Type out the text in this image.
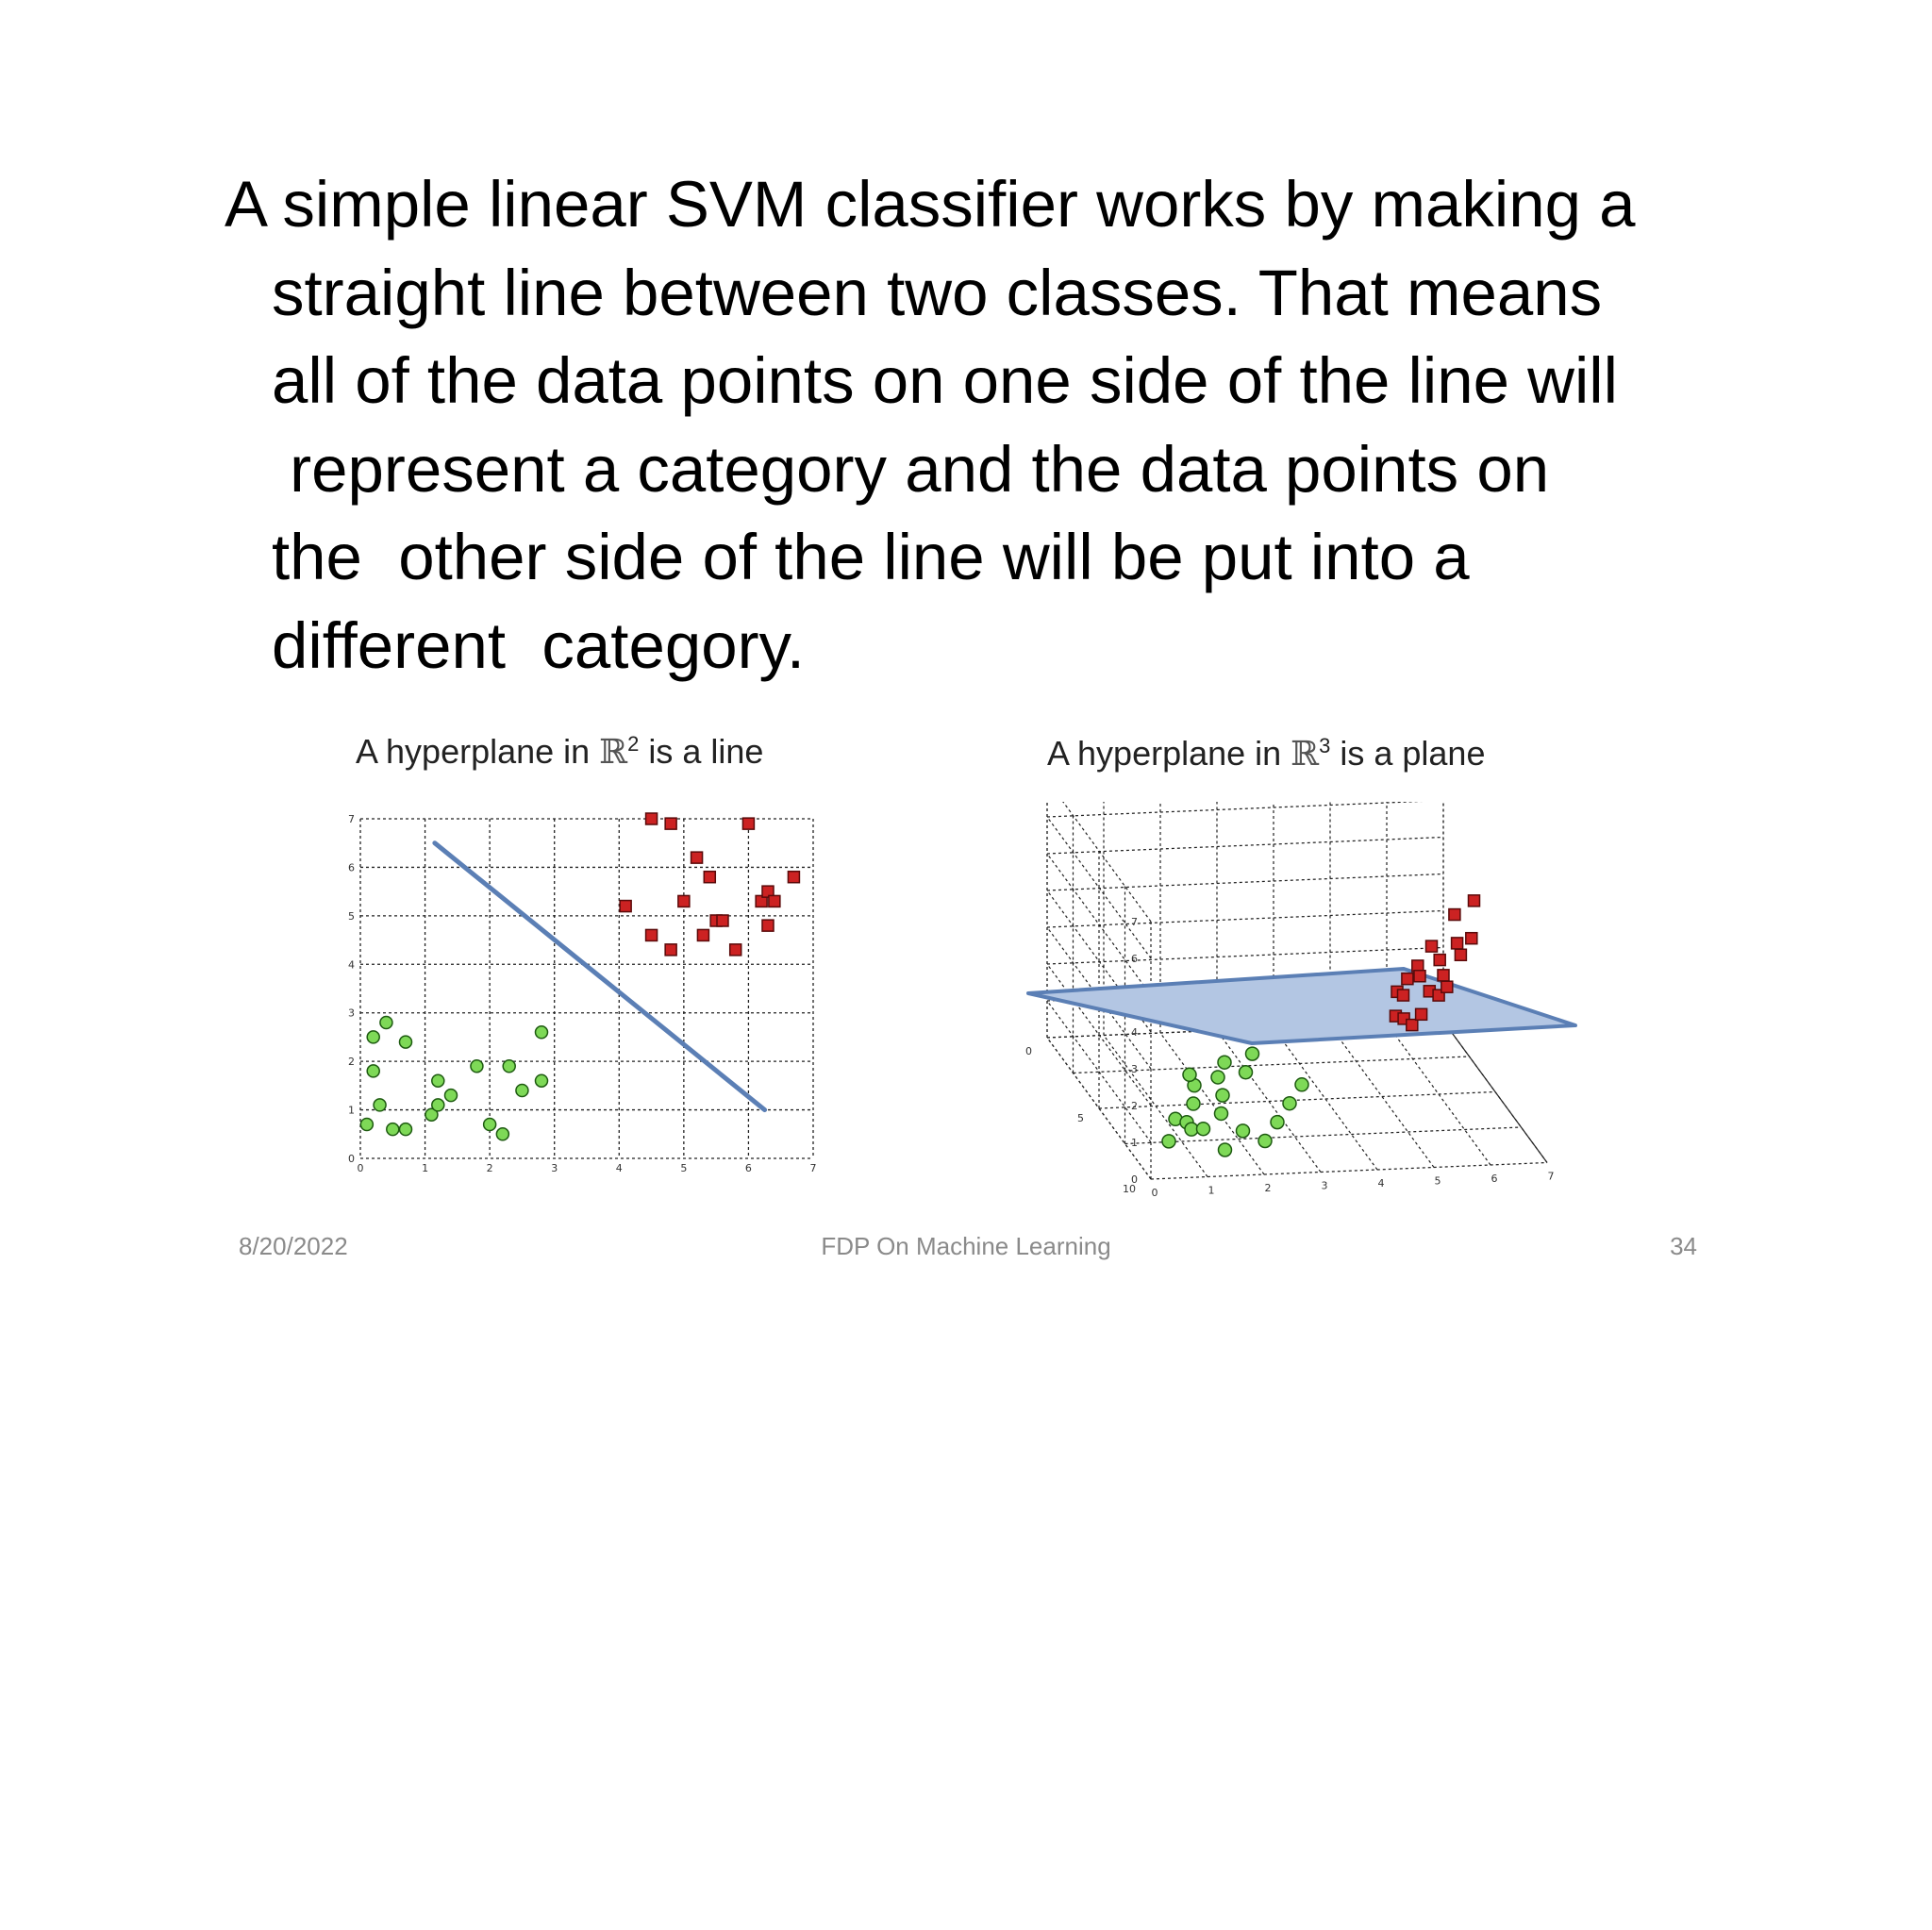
A simple linear SVM classifier works by making a
straight line between two classes. That means
all of the data points on one side of the line will
represent a category and the data points on
the  other side of the line will be put into a
different  category.
A hyperplane in ℝ$^2$ is a line	A hyperplane in ℝ$^3$ is a plane
0	1	2	3	4	5	6	7
0
1
2
3
4
5
6
7
0
1
2
3
4
6
7
0	1	2	3	4	5	6	7
10
5
0
8/20/2022	FDP On Machine Learning	34
